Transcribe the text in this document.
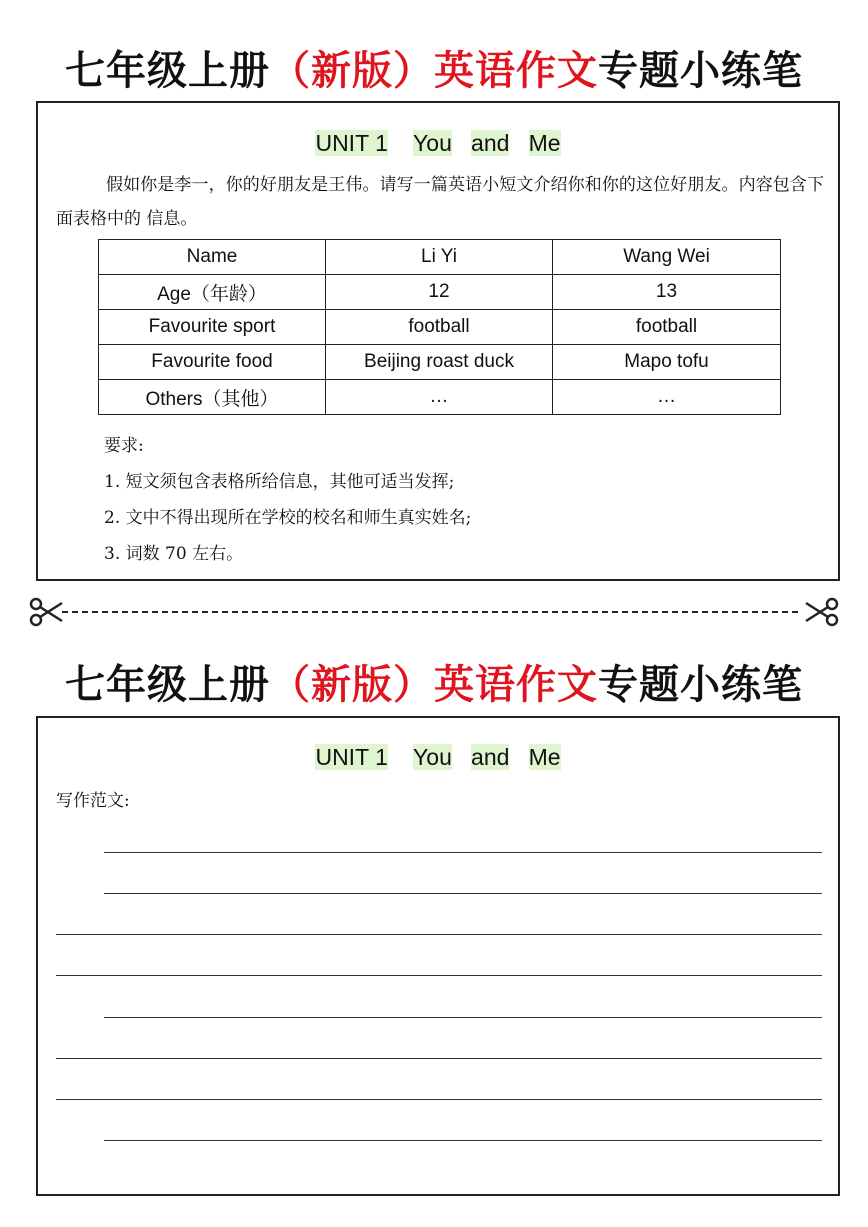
七年级上册（新版）英语作文专题小练笔
UNIT 1 You and Me
假如你是李一，你的好朋友是王伟。请写一篇英语小短文介绍你和你的这位好朋友。内容包含下面表格中的 信息。
Name	Li Yi	Wang Wei
Age（年龄）	12	13
Favourite sport	football	football
Favourite food	Beijing roast duck	Mapo tofu
Others（其他）	…	…
要求:
1. 短文须包含表格所给信息，其他可适当发挥;
2. 文中不得出现所在学校的校名和师生真实姓名;
3. 词数 70 左右。
七年级上册（新版）英语作文专题小练笔
UNIT 1 You and Me
写作范文:
